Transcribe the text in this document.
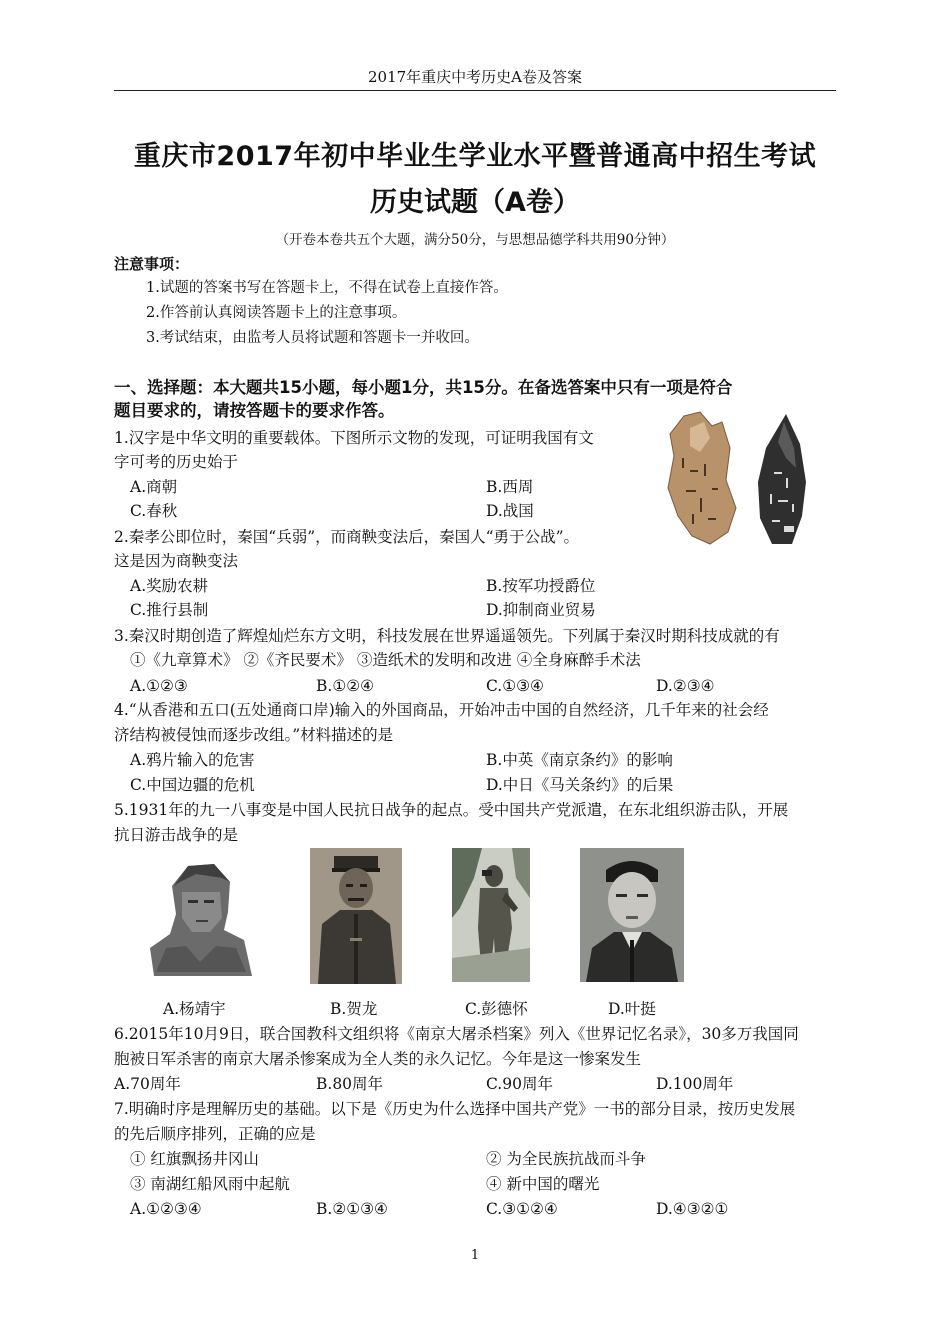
2017年重庆中考历史A卷及答案
重庆市2017年初中毕业生学业水平暨普通高中招生考试
历史试题（A卷）
（开卷本卷共五个大题，满分50分，与思想品德学科共用90分钟）
注意事项：
1.试题的答案书写在答题卡上，不得在试卷上直接作答。
2.作答前认真阅读答题卡上的注意事项。
3.考试结束，由监考人员将试题和答题卡一并收回。
一、选择题：本大题共15小题，每小题1分，共15分。在备选答案中只有一项是符合
题目要求的，请按答题卡的要求作答。
1.汉字是中华文明的重要载体。下图所示文物的发现，可证明我国有文
字可考的历史始于
A.商朝	B.西周
C.春秋	D.战国
2.秦孝公即位时，秦国“兵弱”，而商鞅变法后，秦国人“勇于公战”。
这是因为商鞅变法
A.奖励农耕	B.按军功授爵位
C.推行县制	D.抑制商业贸易
3.秦汉时期创造了辉煌灿烂东方文明，科技发展在世界遥遥领先。下列属于秦汉时期科技成就的有
①《九章算术》 ②《齐民要术》 ③造纸术的发明和改进 ④全身麻醉手术法
A.①②③	B.①②④	C.①③④	D.②③④
4.“从香港和五口(五处通商口岸)输入的外国商品，开始冲击中国的自然经济，几千年来的社会经
济结构被侵蚀而逐步改组。”材料描述的是
A.鸦片输入的危害	B.中英《南京条约》的影响
C.中国边疆的危机	D.中日《马关条约》的后果
5.1931年的九一八事变是中国人民抗日战争的起点。受中国共产党派遣，在东北组织游击队，开展
抗日游击战争的是
A.杨靖宇	B.贺龙	C.彭德怀	D.叶挺
6.2015年10月9日，联合国教科文组织将《南京大屠杀档案》列入《世界记忆名录》，30多万我国同
胞被日军杀害的南京大屠杀惨案成为全人类的永久记忆。今年是这一惨案发生
A.70周年	B.80周年	C.90周年	D.100周年
7.明确时序是理解历史的基础。以下是《历史为什么选择中国共产党》一书的部分目录，按历史发展
的先后顺序排列，正确的应是
① 红旗飘扬井冈山	② 为全民族抗战而斗争
③ 南湖红船风雨中起航	④ 新中国的曙光
A.①②③④	B.②①③④	C.③①②④	D.④③②①
1
